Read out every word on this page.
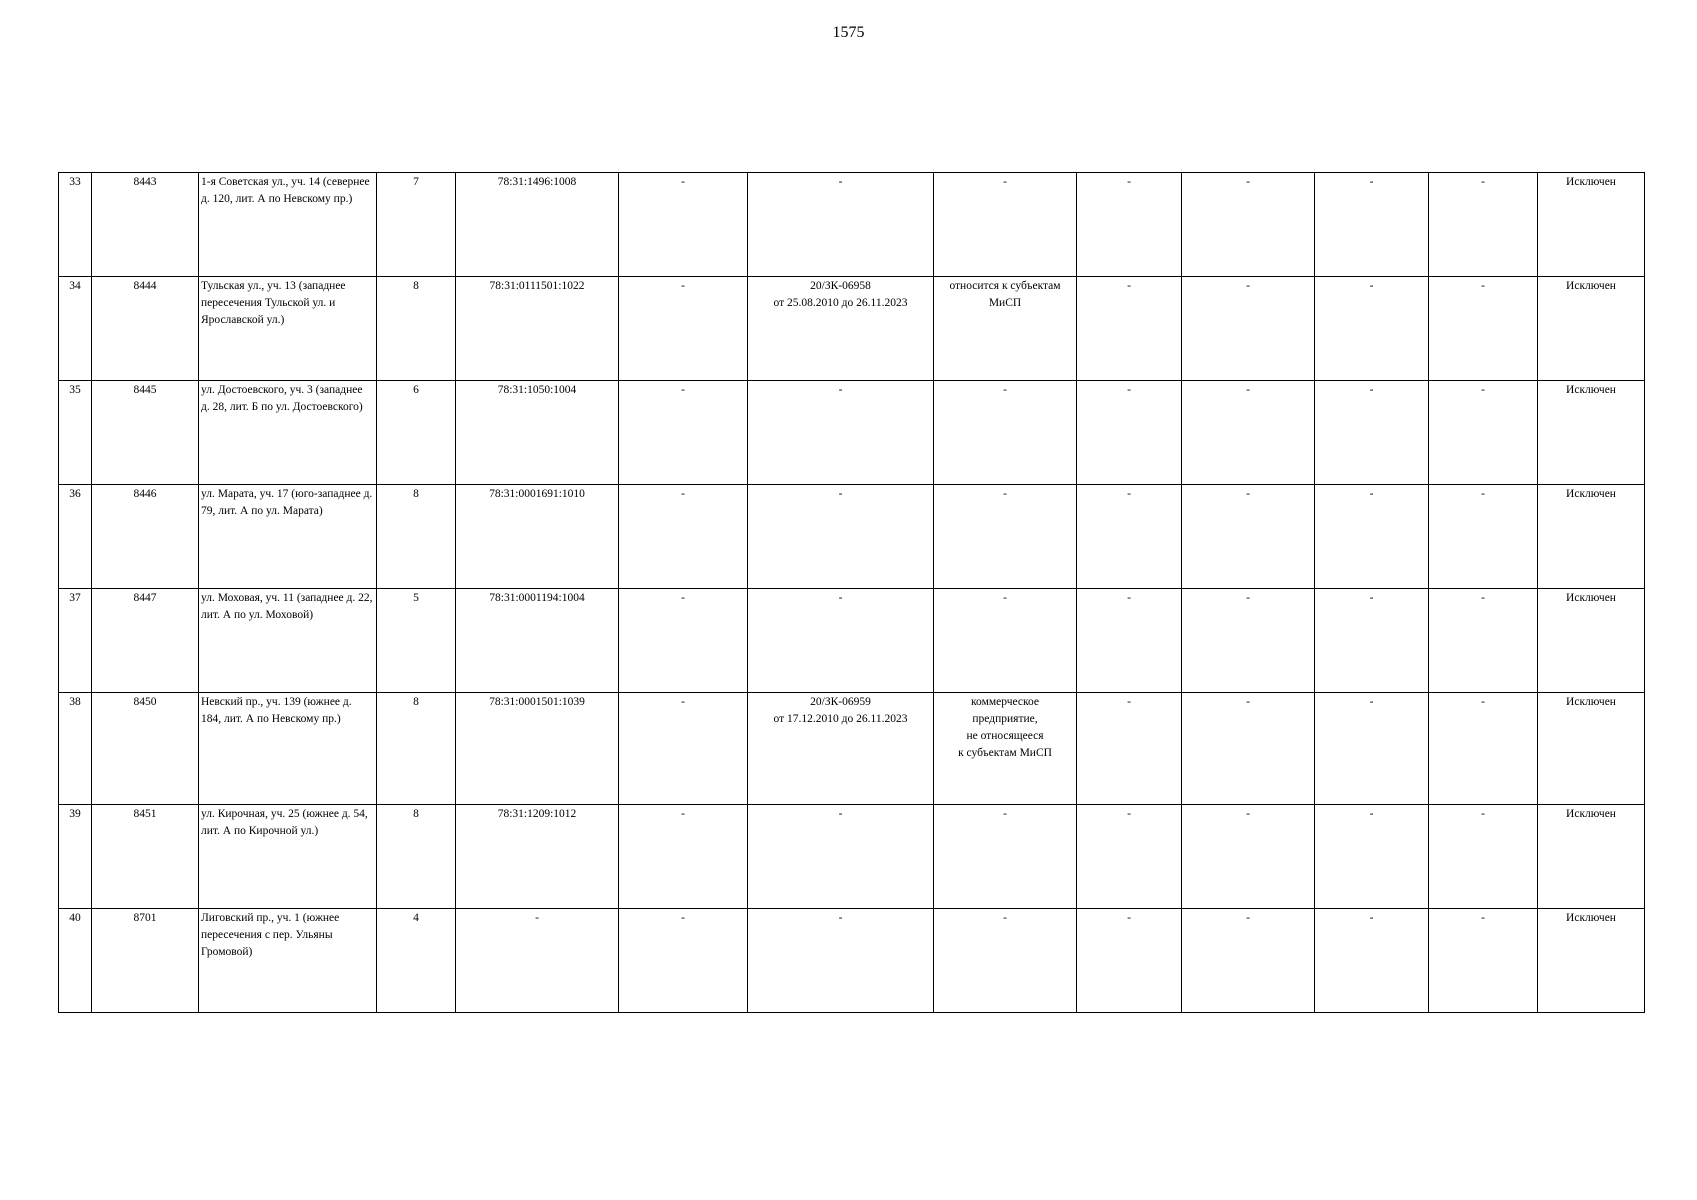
1575
33	8443	1-я Советская ул., уч. 14 (севернее д. 120, лит. А по Невскому пр.)	7	78:31:1496:1008	-	-	-	-	-	-	-	Исключен
34	8444	Тульская ул., уч. 13 (западнее пересечения Тульской ул. и Ярославской ул.)	8	78:31:0111501:1022	-	20/ЗК-06958
от 25.08.2010 до 26.11.2023	относится к субъектам МиСП	-	-	-	-	Исключен
35	8445	ул. Достоевского, уч. 3 (западнее д. 28, лит. Б по ул. Достоевского)	6	78:31:1050:1004	-	-	-	-	-	-	-	Исключен
36	8446	ул. Марата, уч. 17 (юго-западнее д. 79, лит. А по ул. Марата)	8	78:31:0001691:1010	-	-	-	-	-	-	-	Исключен
37	8447	ул. Моховая, уч. 11 (западнее д. 22, лит. А по ул. Моховой)	5	78:31:0001194:1004	-	-	-	-	-	-	-	Исключен
38	8450	Невский пр., уч. 139 (южнее д. 184, лит. А по Невскому пр.)	8	78:31:0001501:1039	-	20/ЗК-06959
от 17.12.2010 до 26.11.2023	коммерческое
предприятие,
не относящееся
к субъектам МиСП	-	-	-	-	Исключен
39	8451	ул. Кирочная, уч. 25 (южнее д. 54, лит. А по Кирочной ул.)	8	78:31:1209:1012	-	-	-	-	-	-	-	Исключен
40	8701	Лиговский пр., уч. 1 (южнее пересечения с пер. Ульяны Громовой)	4	-	-	-	-	-	-	-	-	Исключен
